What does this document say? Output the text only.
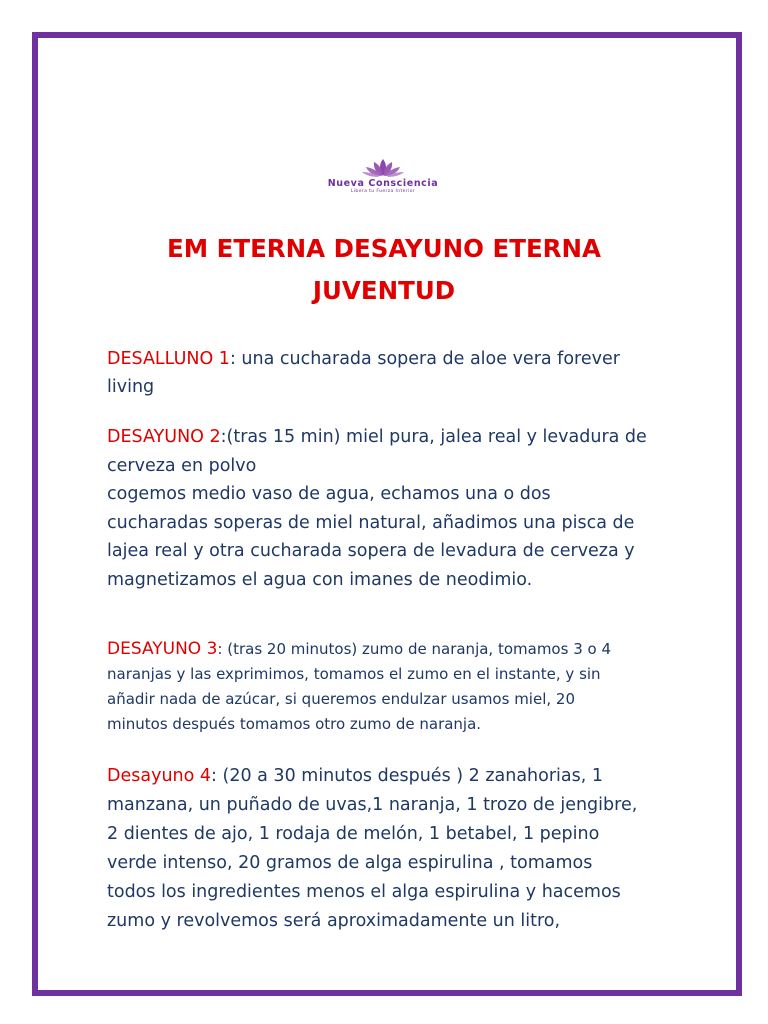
Nueva Consciencia
Libera tu Fuerza Interior
EM ETERNA DESAYUNO ETERNA
JUVENTUD
DESALLUNO 1: una cucharada sopera de aloe vera forever
living
DESAYUNO 2:(tras 15 min) miel pura, jalea real y levadura de
cerveza en polvo
cogemos medio vaso de agua, echamos una o dos
cucharadas soperas de miel natural, añadimos una pisca de
lajea real y otra cucharada sopera de levadura de cerveza y
magnetizamos el agua con imanes de neodimio.
DESAYUNO 3: (tras 20 minutos) zumo de naranja, tomamos 3 o 4
naranjas y las exprimimos, tomamos el zumo en el instante, y sin
añadir nada de azúcar, si queremos endulzar usamos miel, 20
minutos después tomamos otro zumo de naranja.
Desayuno 4: (20 a 30 minutos después ) 2 zanahorias, 1
manzana, un puñado de uvas,1 naranja, 1 trozo de jengibre,
2 dientes de ajo, 1 rodaja de melón, 1 betabel, 1 pepino
verde intenso, 20 gramos de alga espirulina , tomamos
todos los ingredientes menos el alga espirulina y hacemos
zumo y revolvemos será aproximadamente un litro,
